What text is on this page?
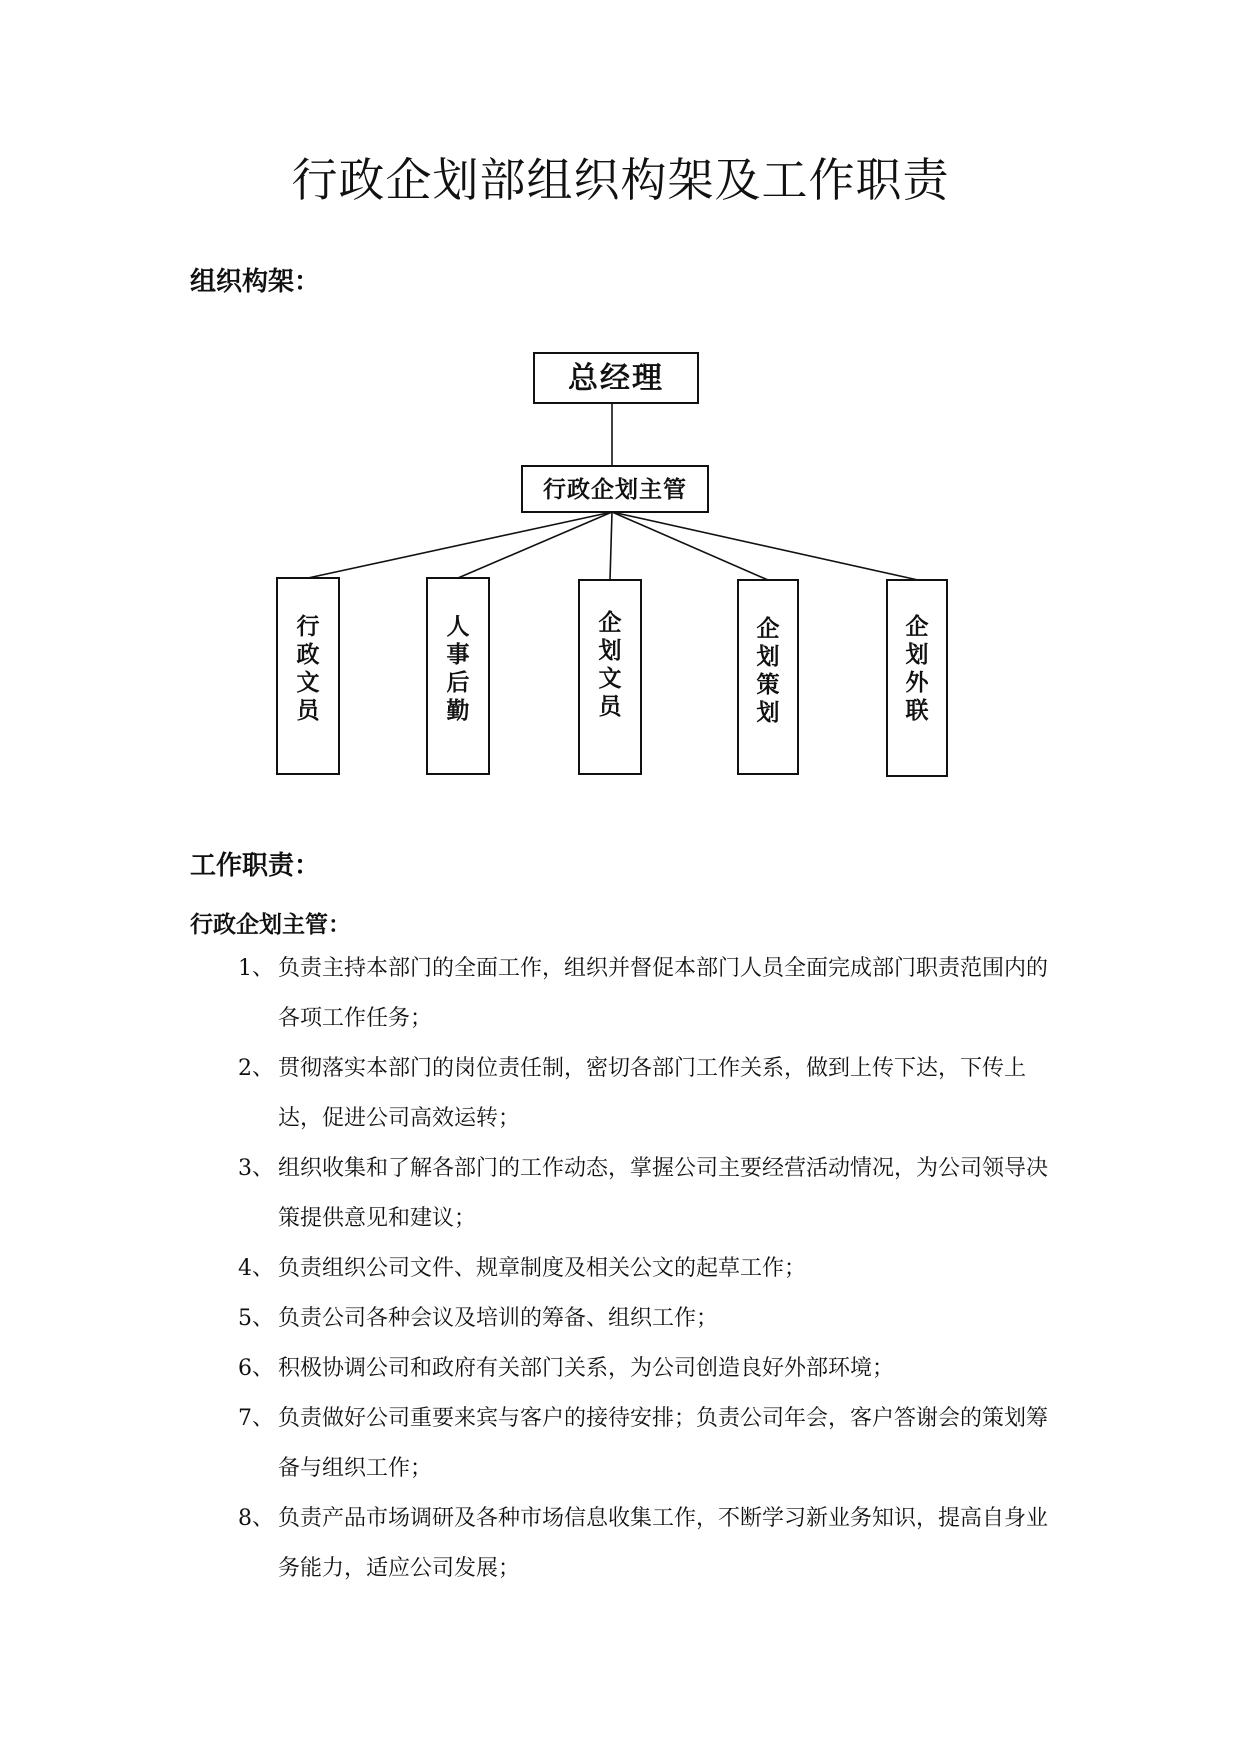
行政企划部组织构架及工作职责
组织构架：
总经理
行政企划主管
行
政
文
员
人
事
后
勤
企
划
文
员
企
划
策
划
企
划
外
联
工作职责：
行政企划主管：
1、 负责主持本部门的全面工作，组织并督促本部门人员全面完成部门职责范围内的各项工作任务；
2、 贯彻落实本部门的岗位责任制，密切各部门工作关系，做到上传下达，下传上达，促进公司高效运转；
3、 组织收集和了解各部门的工作动态，掌握公司主要经营活动情况，为公司领导决策提供意见和建议；
4、 负责组织公司文件、规章制度及相关公文的起草工作；
5、 负责公司各种会议及培训的筹备、组织工作；
6、 积极协调公司和政府有关部门关系，为公司创造良好外部环境；
7、 负责做好公司重要来宾与客户的接待安排；负责公司年会，客户答谢会的策划筹备与组织工作；
8、 负责产品市场调研及各种市场信息收集工作，不断学习新业务知识，提高自身业务能力，适应公司发展；
